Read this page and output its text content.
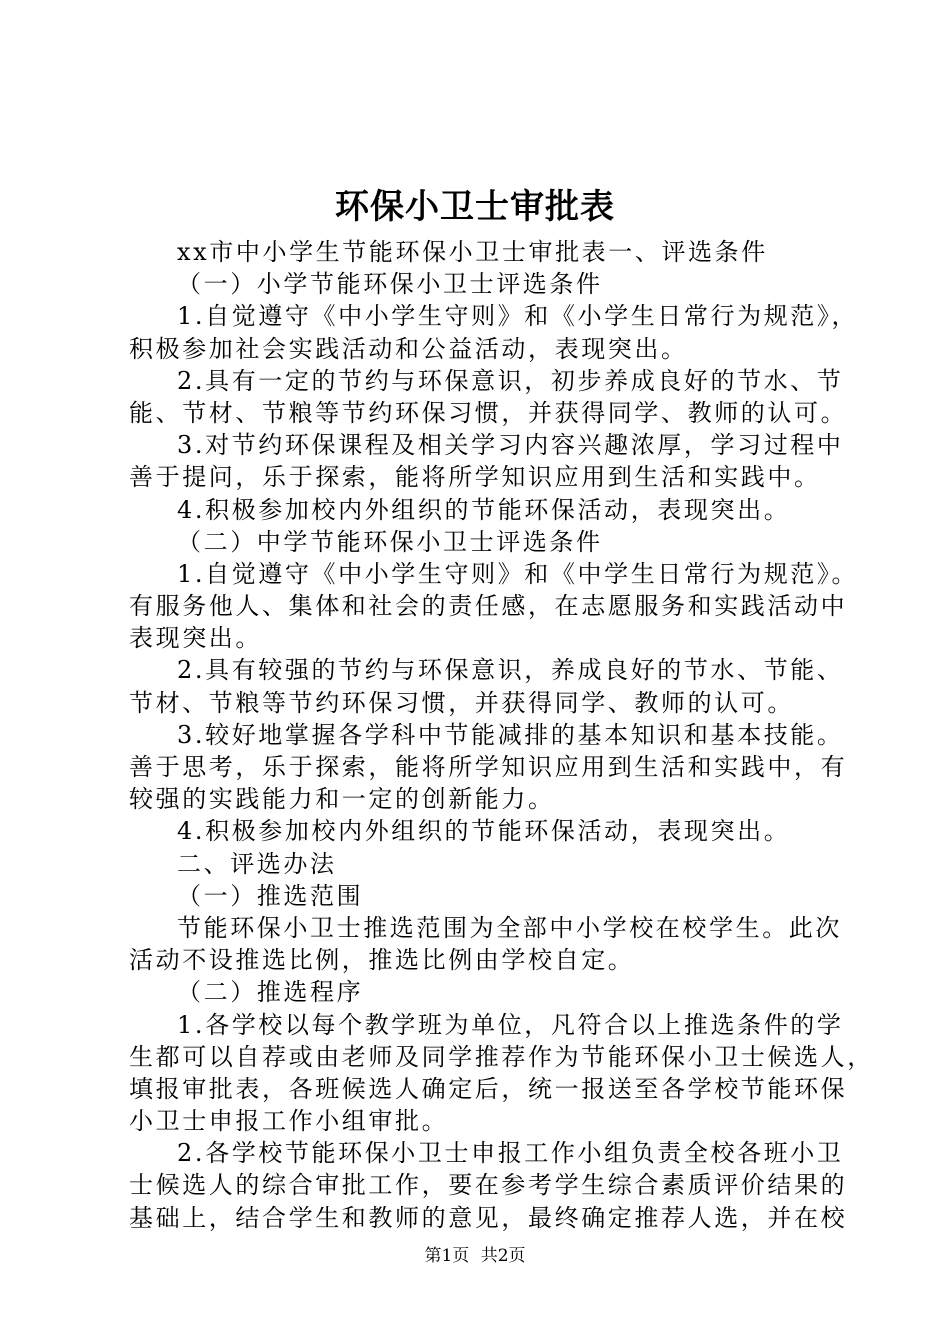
环保小卫士审批表
xx市中小学生节能环保小卫士审批表一、评选条件
（一）小学节能环保小卫士评选条件
1.自觉遵守《中小学生守则》和《小学生日常行为规范》，
积极参加社会实践活动和公益活动，表现突出。
2.具有一定的节约与环保意识，初步养成良好的节水、节
能、节材、节粮等节约环保习惯，并获得同学、教师的认可。
3.对节约环保课程及相关学习内容兴趣浓厚，学习过程中
善于提问，乐于探索，能将所学知识应用到生活和实践中。
4.积极参加校内外组织的节能环保活动，表现突出。
（二）中学节能环保小卫士评选条件
1.自觉遵守《中小学生守则》和《中学生日常行为规范》。
有服务他人、集体和社会的责任感，在志愿服务和实践活动中
表现突出。
2.具有较强的节约与环保意识，养成良好的节水、节能、
节材、节粮等节约环保习惯，并获得同学、教师的认可。
3.较好地掌握各学科中节能减排的基本知识和基本技能。
善于思考，乐于探索，能将所学知识应用到生活和实践中，有
较强的实践能力和一定的创新能力。
4.积极参加校内外组织的节能环保活动，表现突出。
二、评选办法
（一）推选范围
节能环保小卫士推选范围为全部中小学校在校学生。此次
活动不设推选比例，推选比例由学校自定。
（二）推选程序
1.各学校以每个教学班为单位，凡符合以上推选条件的学
生都可以自荐或由老师及同学推荐作为节能环保小卫士候选人，
填报审批表，各班候选人确定后，统一报送至各学校节能环保
小卫士申报工作小组审批。
2.各学校节能环保小卫士申报工作小组负责全校各班小卫
士候选人的综合审批工作，要在参考学生综合素质评价结果的
基础上，结合学生和教师的意见，最终确定推荐人选，并在校
第1页 共2页
